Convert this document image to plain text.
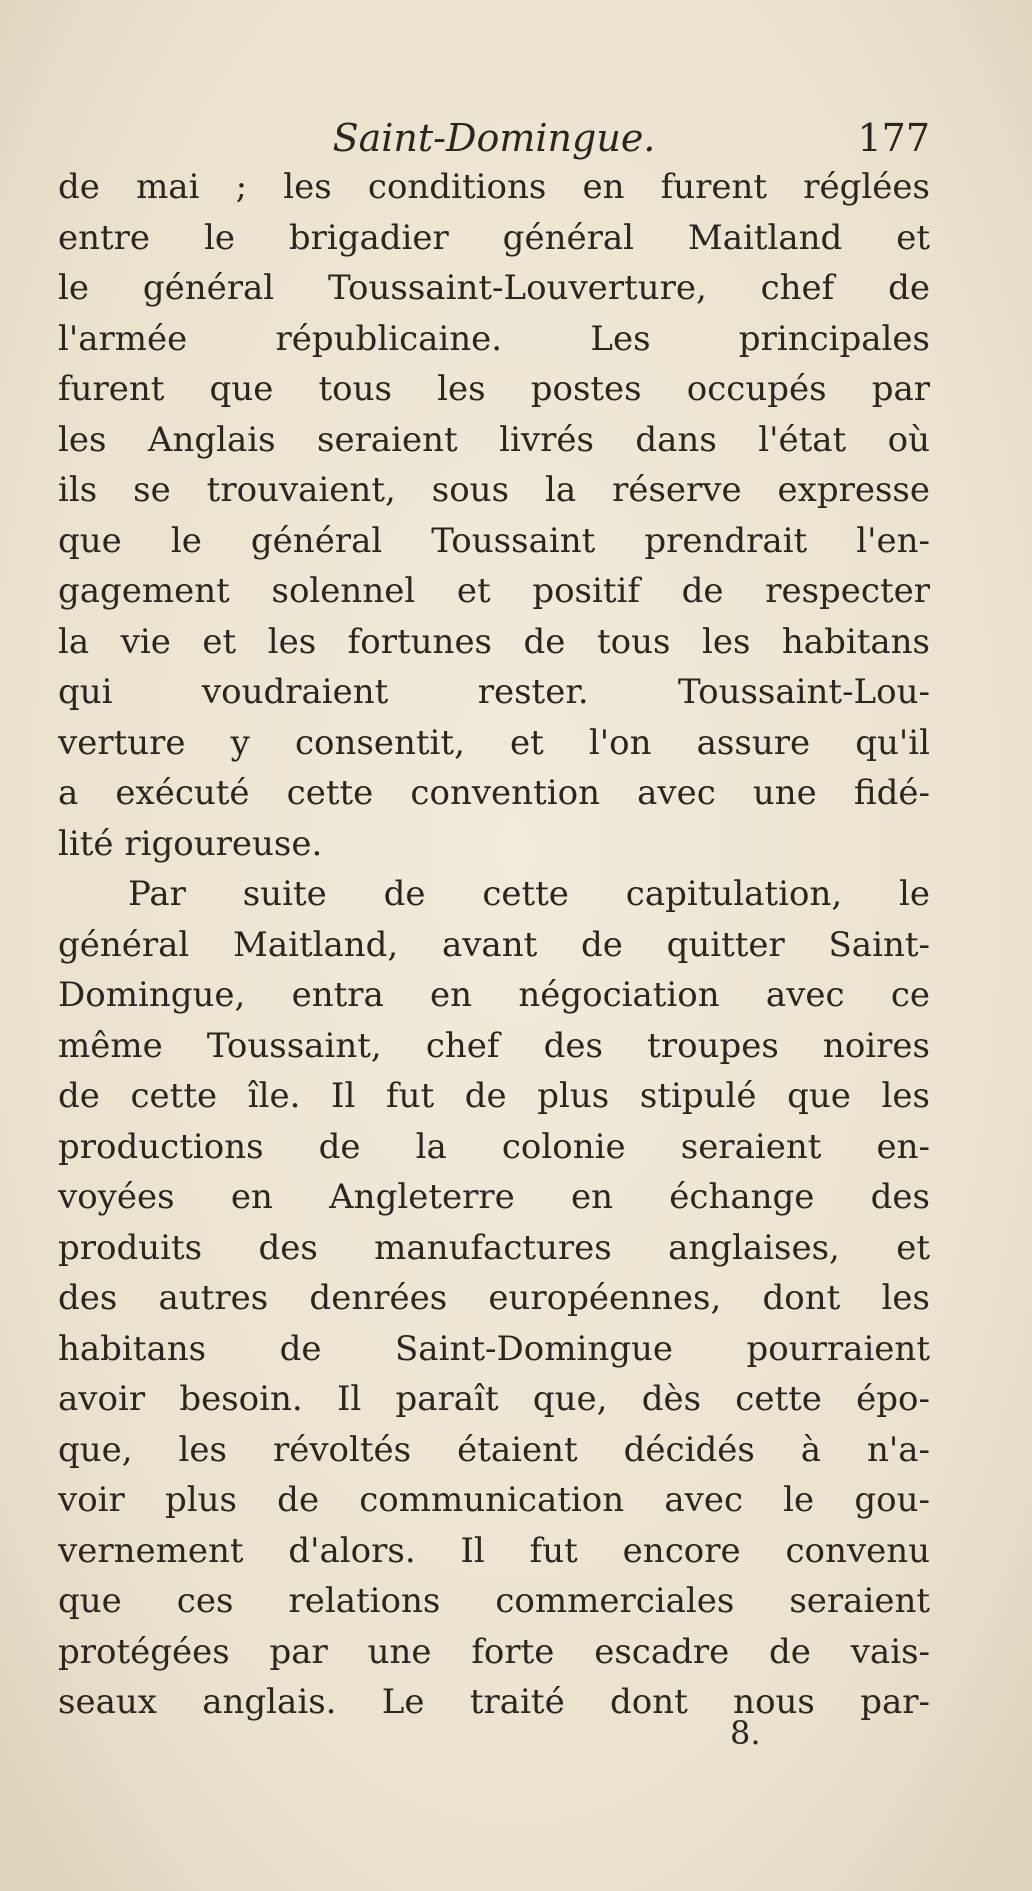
Saint-Domingue.	177
de mai ; les conditions en furent réglées
entre le brigadier général Maitland et
le général Toussaint-Louverture, chef de
l'armée républicaine. Les principales
furent que tous les postes occupés par
les Anglais seraient livrés dans l'état où
ils se trouvaient, sous la réserve expresse
que le général Toussaint prendrait l'en-
gagement solennel et positif de respecter
la vie et les fortunes de tous les habitans
qui voudraient rester. Toussaint-Lou-
verture y consentit, et l'on assure qu'il
a exécuté cette convention avec une fidé-
lité rigoureuse.
Par suite de cette capitulation, le
général Maitland, avant de quitter Saint-
Domingue, entra en négociation avec ce
même Toussaint, chef des troupes noires
de cette île. Il fut de plus stipulé que les
productions de la colonie seraient en-
voyées en Angleterre en échange des
produits des manufactures anglaises, et
des autres denrées européennes, dont les
habitans de Saint-Domingue pourraient
avoir besoin. Il paraît que, dès cette épo-
que, les révoltés étaient décidés à n'a-
voir plus de communication avec le gou-
vernement d'alors. Il fut encore convenu
que ces relations commerciales seraient
protégées par une forte escadre de vais-
seaux anglais. Le traité dont nous par-
8.
